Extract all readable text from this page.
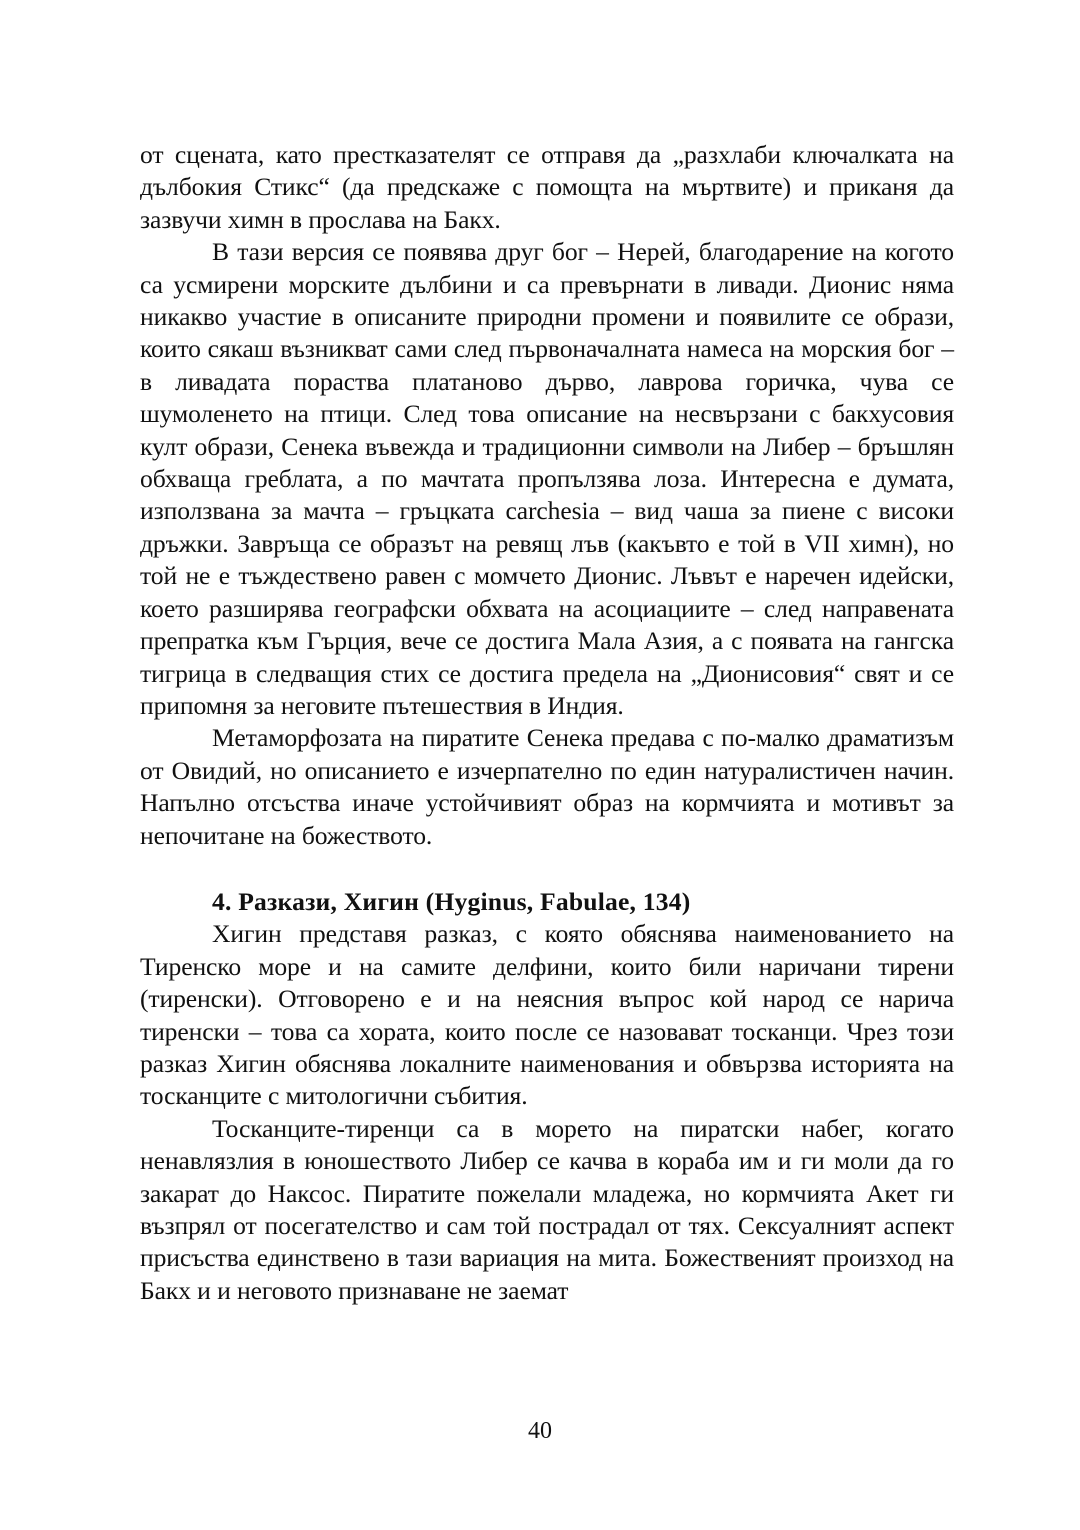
от сцената, като престказателят се отправя да „разхлаби ключалката на дълбокия Стикс“ (да предскаже с помощта на мъртвите) и приканя да зазвучи химн в прослава на Бакх.

В тази версия се появява друг бог – Нерей, благодарение на когото са усмирени морските дълбини и са превърнати в ливади. Дионис няма никакво участие в описаните природни промени и появилите се образи, които сякаш възникват сами след първоначалната намеса на морския бог – в ливадата пораства платаново дърво, лаврова горичка, чува се шумоленето на птици. След това описание на несвързани с бакхусовия култ образи, Сенека въвежда и традиционни символи на Либер – бръшлян обхваща греблата, а по мачтата пропълзява лоза. Интересна е думата, използвана за мачта – гръцката carchesia – вид чаша за пиене с високи дръжки. Завръща се образът на ревящ лъв (какъвто е той в VII химн), но той не е тъждествено равен с момчето Дионис. Лъвът е наречен идейски, което разширява географски обхвата на асоциациите – след направената препратка към Гърция, вече се достига Мала Азия, а с появата на гангска тигрица в следващия стих се достига предела на „Дионисовия“ свят и се припомня за неговите пътешествия в Индия.

Метаморфозата на пиратите Сенека предава с по-малко драматизъм от Овидий, но описанието е изчерпателно по един натуралистичен начин. Напълно отсъства иначе устойчивият образ на кормчията и мотивът за непочитане на божеството.

4. Разкази, Хигин (Hyginus, Fabulae, 134)

Хигин представя разказ, с която обяснява наименованието на Тиренско море и на самите делфини, които били наричани тирени (тиренски). Отговорено е и на неясния въпрос кой народ се нарича тиренски – това са хората, които после се назовават тосканци. Чрез този разказ Хигин обяснява локалните наименования и обвързва историята на тосканците с митологични събития.

Тосканците-тиренци са в морето на пиратски набег, когато ненавлязлия в юношеството Либер се качва в кораба им и ги моли да го закарат до Наксос. Пиратите пожелали младежа, но кормчията Акет ги възпрял от посегателство и сам той пострадал от тях. Сексуалният аспект присъства единствено в тази вариация на мита. Божественият произход на Бакх и и неговото признаване не заемат

40
